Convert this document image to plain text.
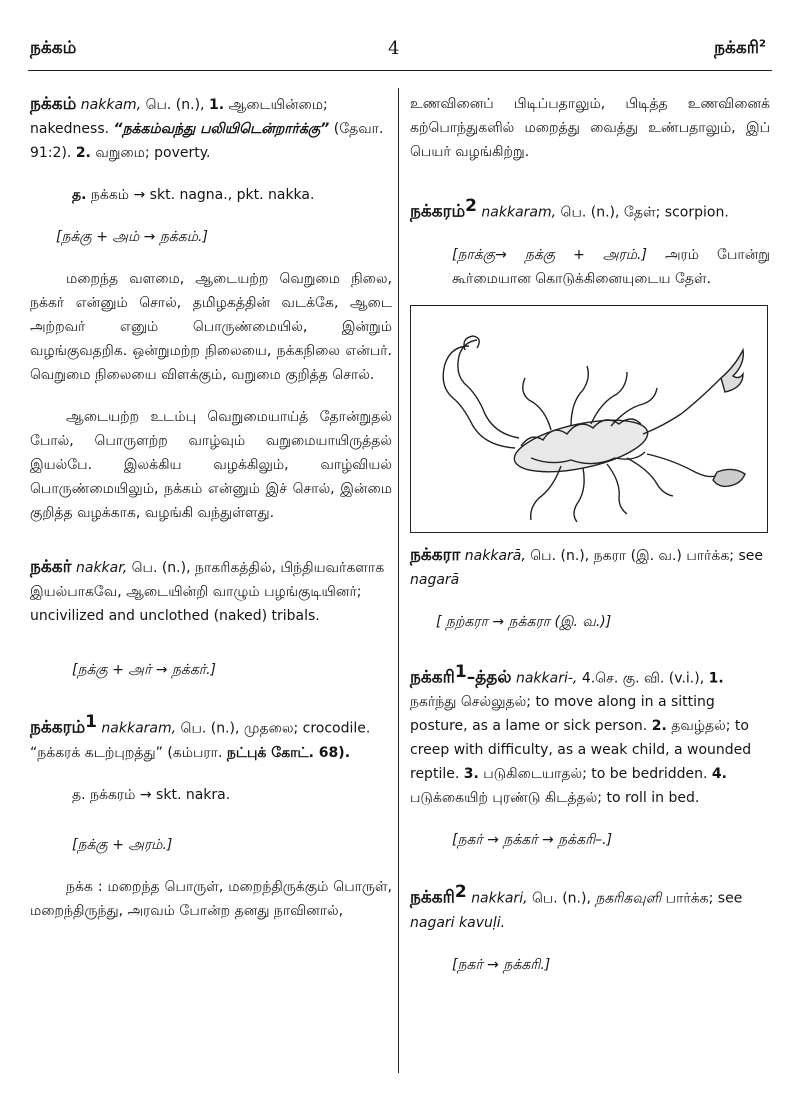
நக்கம்	4	நக்கரி$^2$

நக்கம் nakkam, பெ. (n.), 1. ஆடையின்மை; nakedness. “நக்கம்வந்து பலியிடென்றார்க்கு” (தேவா. 91:2). 2. வறுமை; poverty.

த. நக்கம் → skt. nagna., pkt. nakka.

[நக்கு + அம் → நக்கம்.]

மறைந்த வளமை, ஆடையற்ற வெறுமை நிலை, நக்கர் என்னும் சொல், தமிழகத்தின் வடக்கே, ஆடை அற்றவர் எனும் பொருண்மையில், இன்றும் வழங்குவதறிக. ஒன்றுமற்ற நிலையை, நக்கநிலை என்பர். வெறுமை நிலையை விளக்கும், வறுமை குறித்த சொல்.

ஆடையற்ற உடம்பு வெறுமையாய்த் தோன்றுதல் போல், பொருளற்ற வாழ்வும் வறுமையாயிருத்தல் இயல்பே. இலக்கிய வழக்கிலும், வாழ்வியல் பொருண்மையிலும், நக்கம் என்னும் இச் சொல், இன்மை குறித்த வழக்காக, வழங்கி வந்துள்ளது.

நக்கர் nakkar, பெ. (n.), நாகரிகத்தில், பிந்தியவர்களாக இயல்பாகவே, ஆடையின்றி வாழும் பழங்குடியினர்; uncivilized and unclothed (naked) tribals.

[நக்கு + அர் → நக்கர்.]

நக்கரம்$^1$ nakkaram, பெ. (n.), முதலை; crocodile. “நக்கரக் கடற்புறத்து” (கம்பரா. நட்புக் கோட். 68).

த. நக்கரம் → skt. nakra.

[நக்கு + அரம்.]

நக்க : மறைந்த பொருள், மறைந்திருக்கும் பொருள், மறைந்திருந்து, அரவம் போன்ற தனது நாவினால்,

உணவினைப் பிடிப்பதாலும், பிடித்த உணவினைக் கற்பொந்துகளில் மறைத்து வைத்து உண்பதாலும், இப் பெயர் வழங்கிற்று.

நக்கரம்$^2$ nakkaram, பெ. (n.), தேள்; scorpion.

[நாக்கு→ நக்கு + அரம்.] அரம் போன்று கூர்மையான கொடுக்கினையுடைய தேள்.

நக்கரா nakkarā, பெ. (n.), நகரா (இ. வ.) பார்க்க; see nagarā

[ நற்கரா → நக்கரா (இ. வ.)]

நக்கரி$^1$–த்தல் nakkari-, 4.செ. கு. வி. (v.i.), 1. நகர்ந்து செல்லுதல்; to move along in a sitting posture, as a lame or sick person. 2. தவழ்தல்; to creep with difficulty, as a weak child, a wounded reptile. 3. படுகிடையாதல்; to be bedridden. 4. படுக்கையிற் புரண்டு கிடத்தல்; to roll in bed.

[நகர் → நக்கர் → நக்கரி–.]

நக்கரி$^2$ nakkari, பெ. (n.), நகரிகவுளி பார்க்க; see nagari kavuḷi.

[நகர் → நக்கரி.]
